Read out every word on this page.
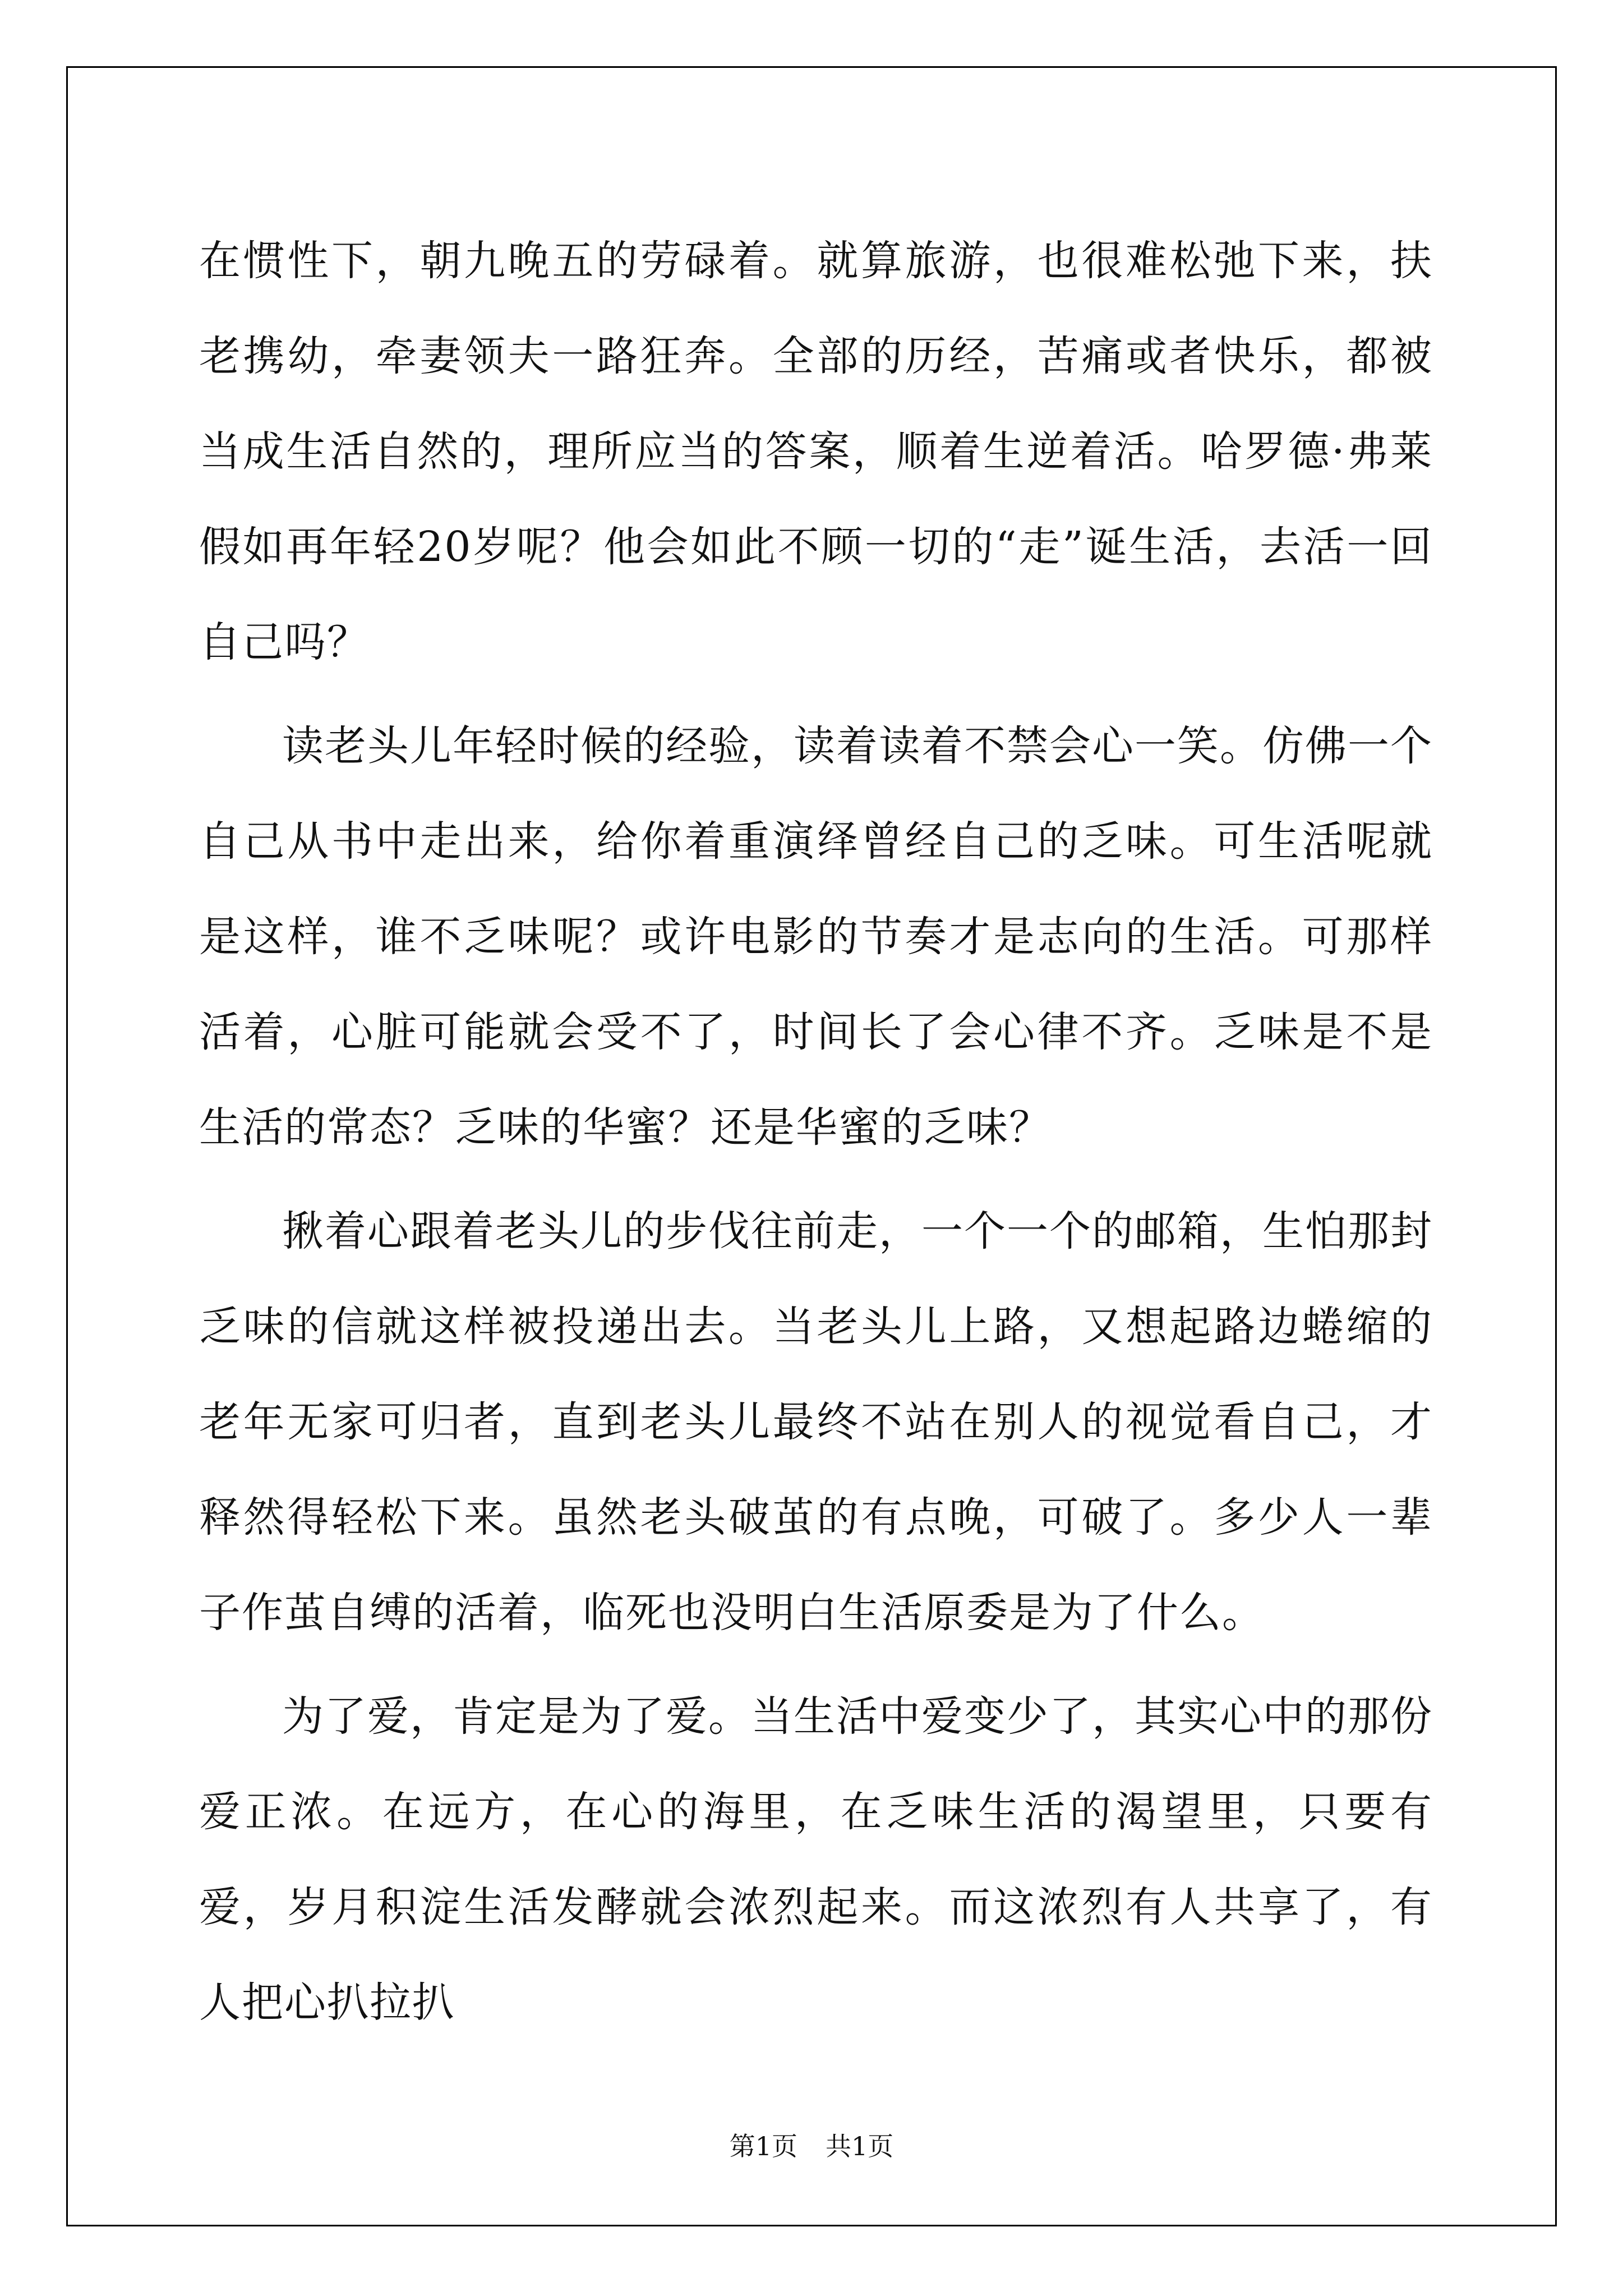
在惯性下，朝九晚五的劳碌着。就算旅游，也很难松弛下来，扶老携幼，牵妻领夫一路狂奔。全部的历经，苦痛或者快乐，都被当成生活自然的，理所应当的答案，顺着生逆着活。哈罗德·弗莱假如再年轻20岁呢？他会如此不顾一切的“走”诞生活，去活一回自己吗？

读老头儿年轻时候的经验，读着读着不禁会心一笑。仿佛一个自己从书中走出来，给你着重演绎曾经自己的乏味。可生活呢就是这样，谁不乏味呢？或许电影的节奏才是志向的生活。可那样活着，心脏可能就会受不了，时间长了会心律不齐。乏味是不是生活的常态？乏味的华蜜？还是华蜜的乏味？

揪着心跟着老头儿的步伐往前走，一个一个的邮箱，生怕那封乏味的信就这样被投递出去。当老头儿上路，又想起路边蜷缩的老年无家可归者，直到老头儿最终不站在别人的视觉看自己，才释然得轻松下来。虽然老头破茧的有点晚，可破了。多少人一辈子作茧自缚的活着，临死也没明白生活原委是为了什么。

为了爱，肯定是为了爱。当生活中爱变少了，其实心中的那份爱正浓。在远方，在心的海里，在乏味生活的渴望里，只要有爱，岁月积淀生活发酵就会浓烈起来。而这浓烈有人共享了，有人把心扒拉扒

第1页 共1页
